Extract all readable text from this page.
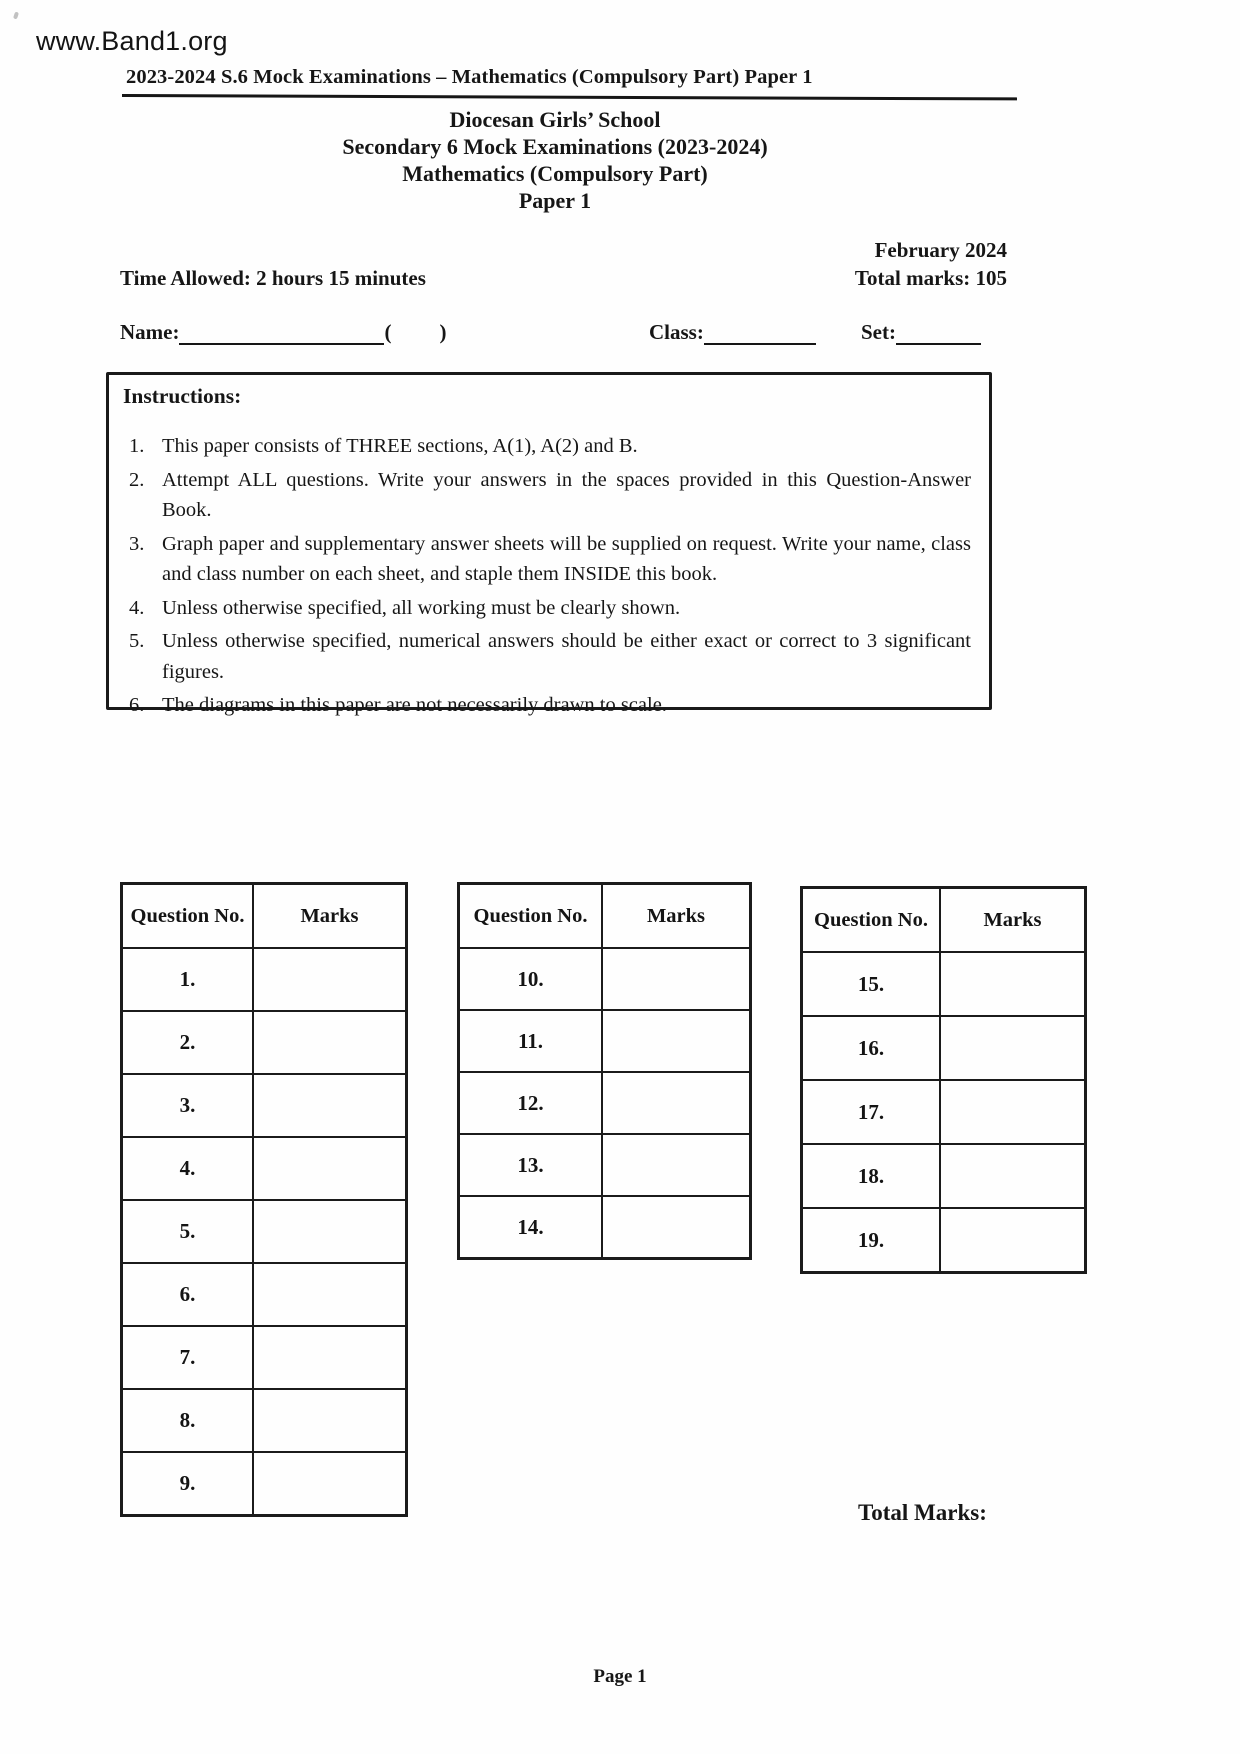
www.Band1.org
2023-2024 S.6 Mock Examinations – Mathematics (Compulsory Part) Paper 1
Diocesan Girls’ School
Secondary 6 Mock Examinations (2023-2024)
Mathematics (Compulsory Part)
Paper 1
February 2024
Total marks: 105
Time Allowed: 2 hours 15 minutes
Name:	( )	Class:	Set:
Instructions:
1. This paper consists of THREE sections, A(1), A(2) and B.
2. Attempt ALL questions. Write your answers in the spaces provided in this Question-Answer Book.
3. Graph paper and supplementary answer sheets will be supplied on request. Write your name, class and class number on each sheet, and staple them INSIDE this book.
4. Unless otherwise specified, all working must be clearly shown.
5. Unless otherwise specified, numerical answers should be either exact or correct to 3 significant figures.
6. The diagrams in this paper are not necessarily drawn to scale.
Question No.	Marks
1.	
2.	
3.	
4.	
5.	
6.	
7.	
8.	
9.	
Question No.	Marks
10.	
11.	
12.	
13.	
14.	
Question No.	Marks
15.	
16.	
17.	
18.	
19.	
Total Marks:
Page 1
